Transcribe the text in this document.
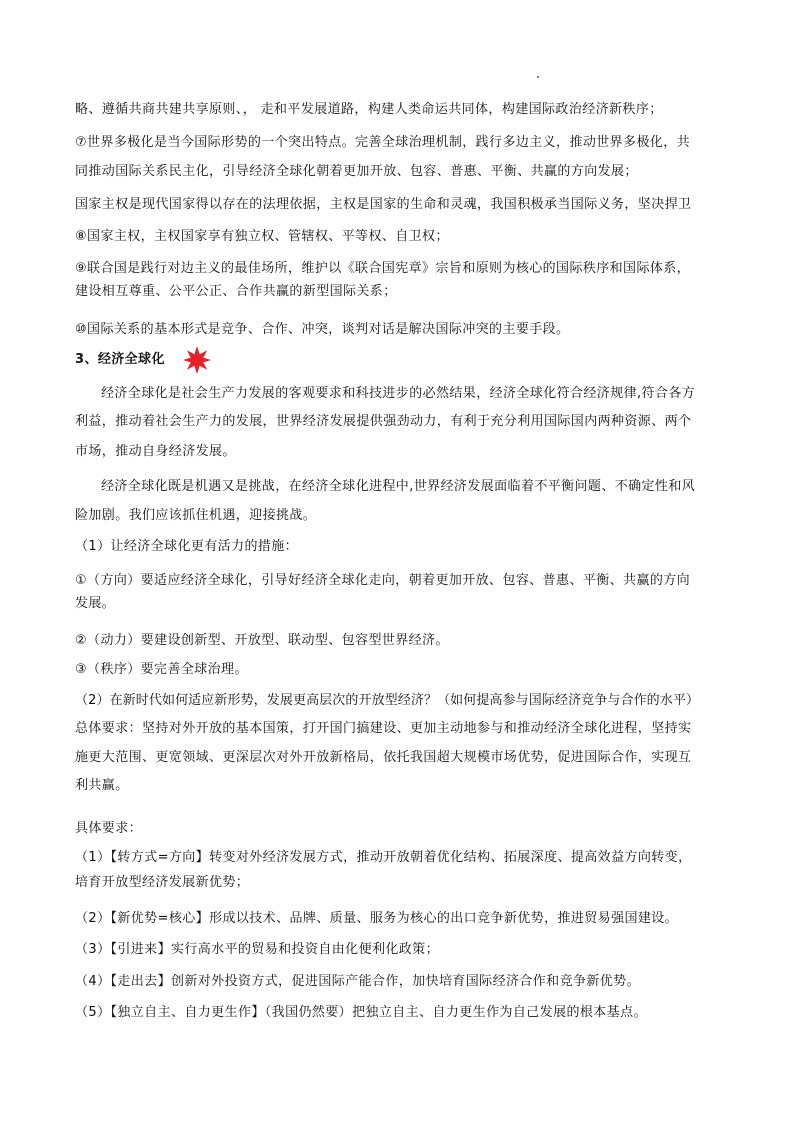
略、遵循共商共建共享原则、， 走和平发展道路，构建人类命运共同体，构建国际政治经济新秩序；
⑦世界多极化是当今国际形势的一个突出特点。完善全球治理机制，践行多边主义，推动世界多极化，共
同推动国际关系民主化，引导经济全球化朝着更加开放、包容、普惠、平衡、共赢的方向发展；
国家主权是现代国家得以存在的法理依据，主权是国家的生命和灵魂，我国积极承当国际义务，坚决捍卫
⑧国家主权，主权国家享有独立权、管辖权、平等权、自卫权；
⑨联合国是践行对边主义的最佳场所，维护以《联合国宪章》宗旨和原则为核心的国际秩序和国际体系，
建设相互尊重、公平公正、合作共赢的新型国际关系；
⑩国际关系的基本形式是竞争、合作、冲突，谈判对话是解决国际冲突的主要手段。
3、经济全球化
经济全球化是社会生产力发展的客观要求和科技进步的必然结果，经济全球化符合经济规律,符合各方
利益，推动着社会生产力的发展，世界经济发展提供强劲动力，有利于充分利用国际国内两种资源、两个
市场，推动自身经济发展。
经济全球化既是机遇又是挑战，在经济全球化进程中,世界经济发展面临着不平衡问题、不确定性和风
险加剧。我们应该抓住机遇，迎接挑战。
（1）让经济全球化更有活力的措施：
①（方向）要适应经济全球化，引导好经济全球化走向，朝着更加开放、包容、普惠、平衡、共赢的方向
发展。
②（动力）要建设创新型、开放型、联动型、包容型世界经济。
③（秩序）要完善全球治理。
（2）在新时代如何适应新形势，发展更高层次的开放型经济？（如何提高参与国际经济竞争与合作的水平）
总体要求：坚持对外开放的基本国策，打开国门搞建设、更加主动地参与和推动经济全球化进程，坚持实
施更大范围、更宽领域、更深层次对外开放新格局，依托我国超大规模市场优势，促进国际合作，实现互
利共赢。
具体要求：
（1）【转方式=方向】转变对外经济发展方式，推动开放朝着优化结构、拓展深度、提高效益方向转变，
培育开放型经济发展新优势；
（2）【新优势=核心】形成以技术、品牌、质量、服务为核心的出口竞争新优势，推进贸易强国建设。
（3）【引进来】实行高水平的贸易和投资自由化便利化政策；
（4）【走出去】创新对外投资方式，促进国际产能合作，加快培育国际经济合作和竞争新优势。
（5）【独立自主、自力更生作】（我国仍然要）把独立自主、自力更生作为自己发展的根本基点。
